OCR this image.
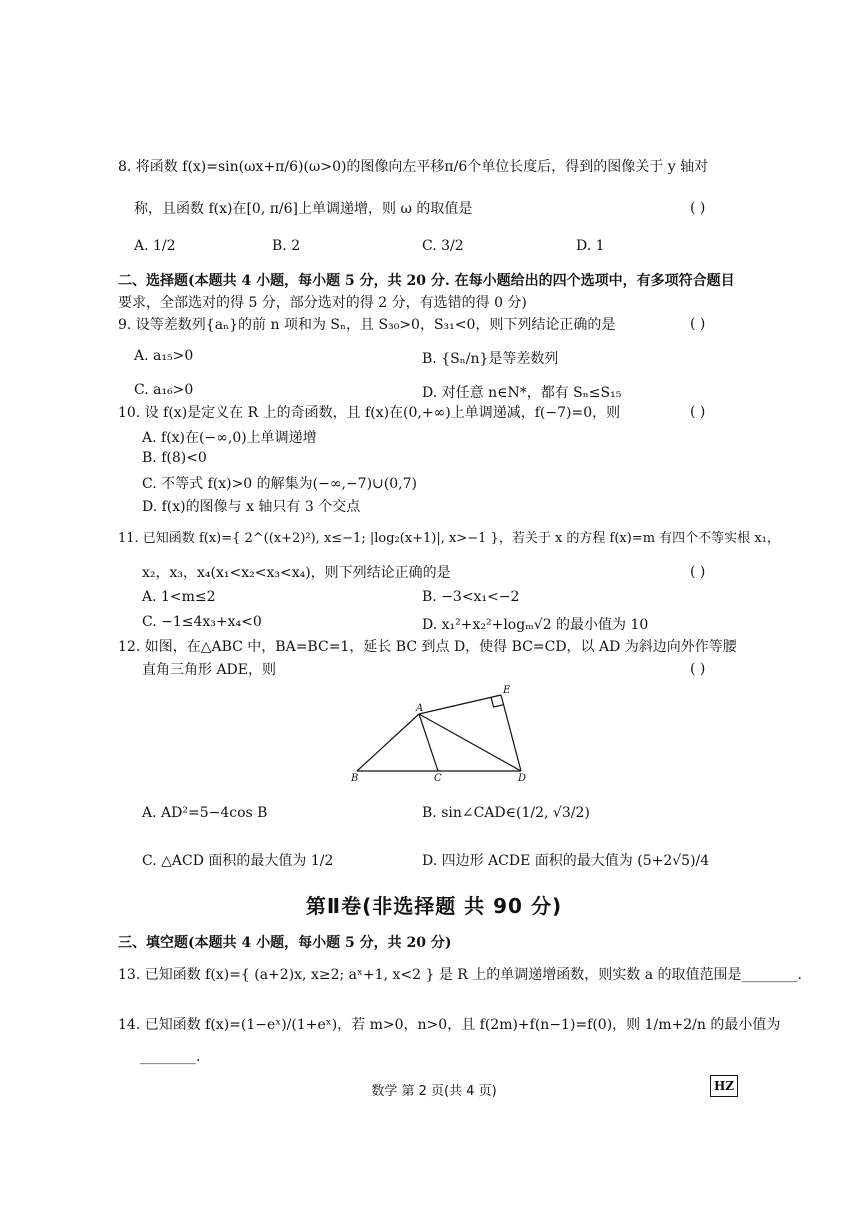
8. 将函数 f(x)=sin(ωx+π/6)(ω>0)的图像向左平移π/6个单位长度后，得到的图像关于 y 轴对
称，且函数 f(x)在[0, π/6]上单调递增，则 ω 的取值是	( )
A. 1/2	B. 2	C. 3/2	D. 1
二、选择题(本题共 4 小题，每小题 5 分，共 20 分. 在每小题给出的四个选项中，有多项符合题目
要求，全部选对的得 5 分，部分选对的得 2 分，有选错的得 0 分)
9. 设等差数列{aₙ}的前 n 项和为 Sₙ，且 S₃₀>0，S₃₁<0，则下列结论正确的是	( )
A. a₁₅>0	B. {Sₙ/n}是等差数列
C. a₁₆>0	D. 对任意 n∈N*，都有 Sₙ≤S₁₅
10. 设 f(x)是定义在 R 上的奇函数，且 f(x)在(0,+∞)上单调递减，f(−7)=0，则	( )
A. f(x)在(−∞,0)上单调递增
B. f(8)<0
C. 不等式 f(x)>0 的解集为(−∞,−7)∪(0,7)
D. f(x)的图像与 x 轴只有 3 个交点
11. 已知函数 f(x)={ 2^((x+2)²), x≤−1; |log₂(x+1)|, x>−1 }，若关于 x 的方程 f(x)=m 有四个不等实根 x₁，
x₂，x₃，x₄(x₁<x₂<x₃<x₄)，则下列结论正确的是	( )
A. 1<m≤2	B. −3<x₁<−2
C. −1≤4x₃+x₄<0	D. x₁²+x₂²+logₘ√2 的最小值为 10
12. 如图，在△ABC 中，BA=BC=1，延长 BC 到点 D，使得 BC=CD，以 AD 为斜边向外作等腰
直角三角形 ADE，则	( )
A
B	C	D
E
A. AD²=5−4cos B	B. sin∠CAD∈(1/2, √3/2)
C. △ACD 面积的最大值为 1/2	D. 四边形 ACDE 面积的最大值为 (5+2√5)/4
第Ⅱ卷(非选择题 共 90 分)
三、填空题(本题共 4 小题，每小题 5 分，共 20 分)
13. 已知函数 f(x)={ (a+2)x, x≥2; aˣ+1, x<2 } 是 R 上的单调递增函数，则实数 a 的取值范围是________.
14. 已知函数 f(x)=(1−eˣ)/(1+eˣ)，若 m>0，n>0，且 f(2m)+f(n−1)=f(0)，则 1/m+2/n 的最小值为
________.
数学 第 2 页(共 4 页)	HZ
